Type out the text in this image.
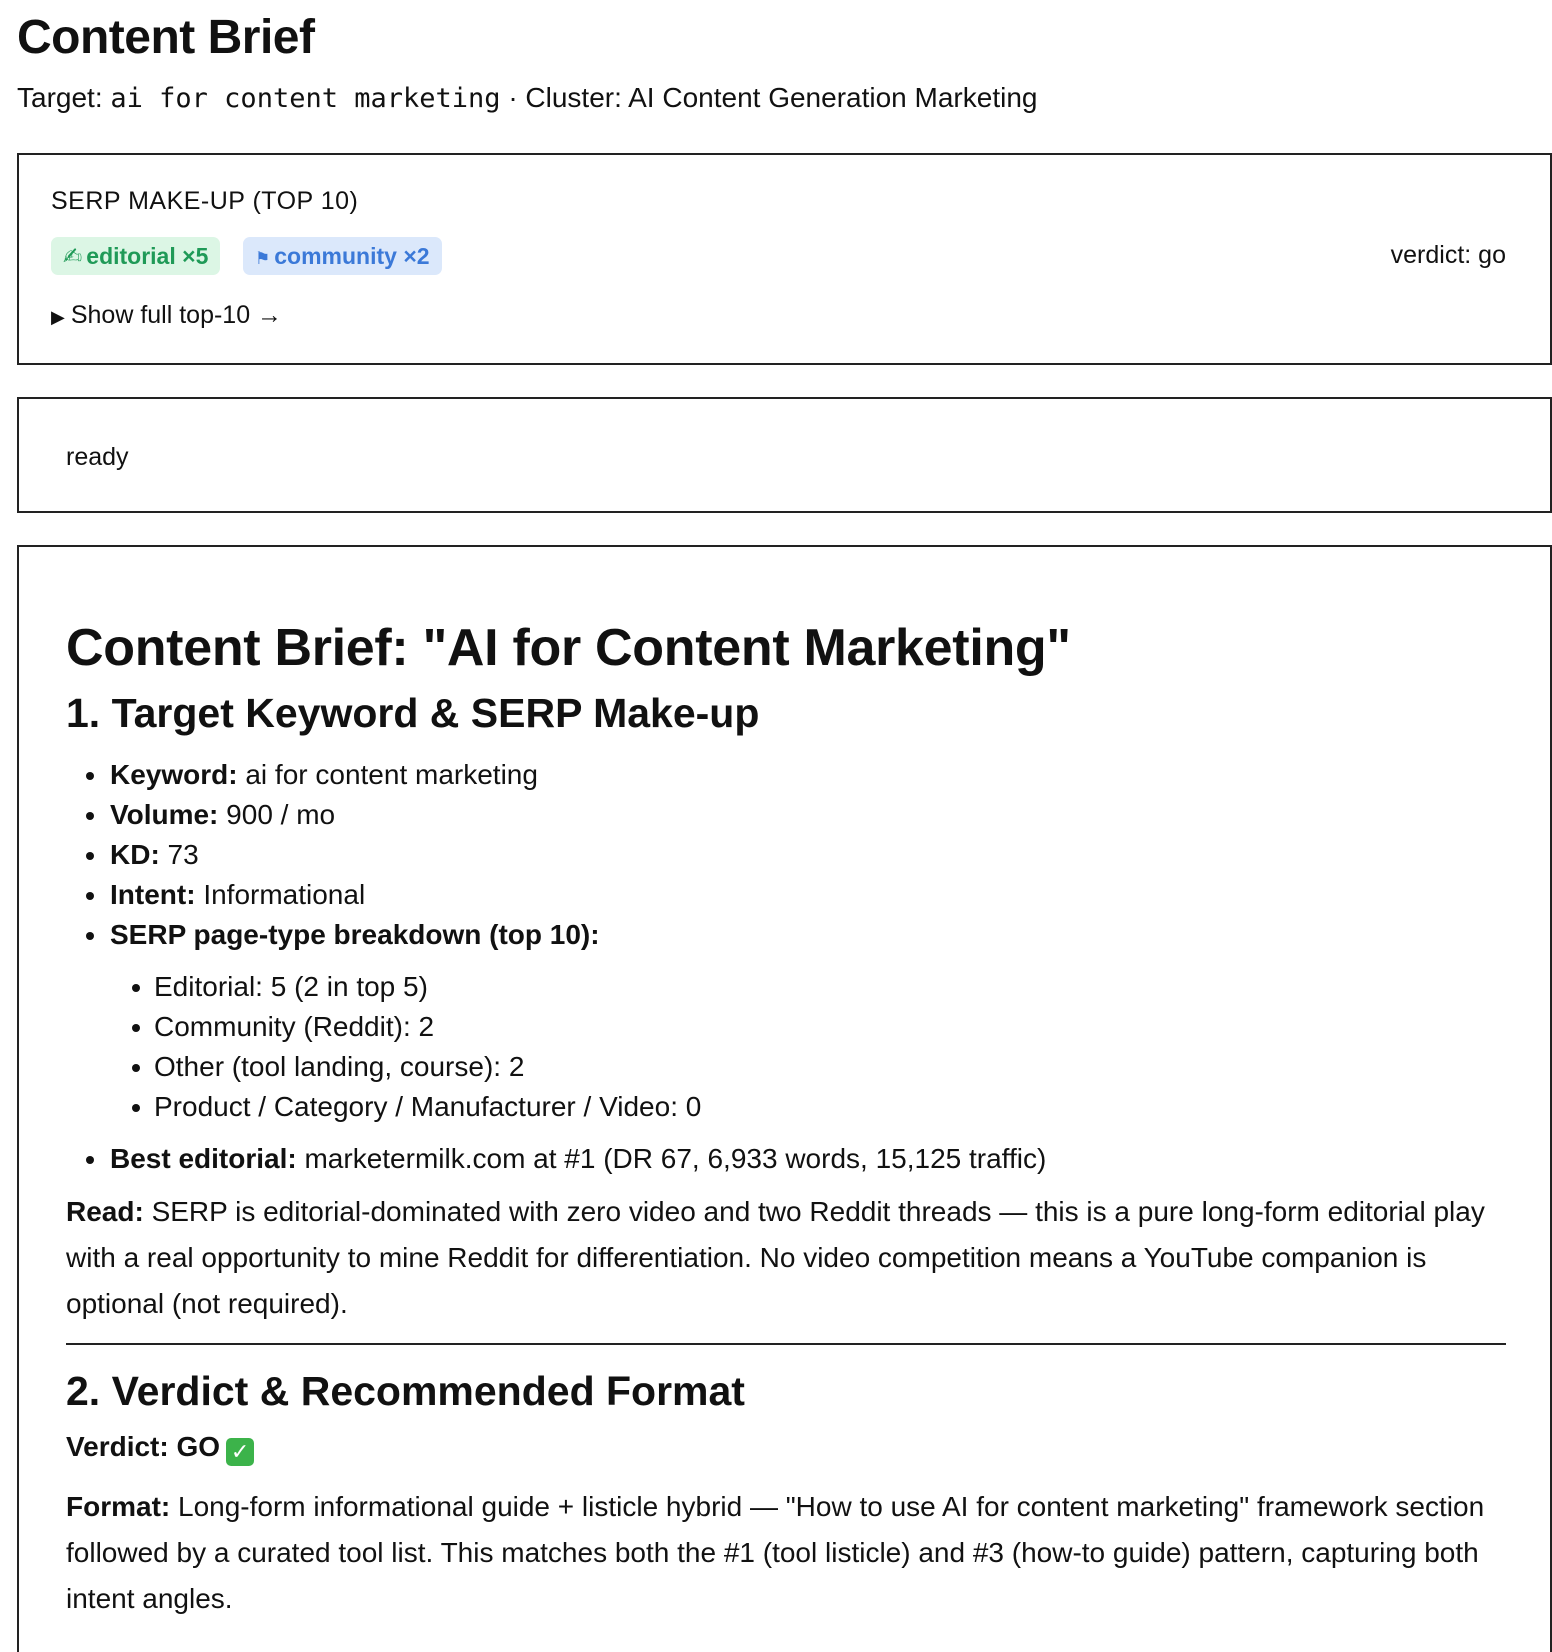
Content Brief
Target: ai for content marketing · Cluster: AI Content Generation Marketing
SERP MAKE-UP (TOP 10)
✍ editorial ×5	⚑ community ×2	verdict: go
▶ Show full top-10 →
ready
Content Brief: "AI for Content Marketing"
1. Target Keyword & SERP Make-up
Keyword: ai for content marketing
Volume: 900 / mo
KD: 73
Intent: Informational
SERP page-type breakdown (top 10):
Editorial: 5 (2 in top 5)
Community (Reddit): 2
Other (tool landing, course): 2
Product / Category / Manufacturer / Video: 0
Best editorial: marketermilk.com at #1 (DR 67, 6,933 words, 15,125 traffic)

Read: SERP is editorial-dominated with zero video and two Reddit threads — this is a pure long-form editorial play with a real opportunity to mine Reddit for differentiation. No video competition means a YouTube companion is optional (not required).

2. Verdict & Recommended Format

Verdict: GO ✓

Format: Long-form informational guide + listicle hybrid — "How to use AI for content marketing" framework section followed by a curated tool list. This matches both the #1 (tool listicle) and #3 (how-to guide) pattern, capturing both intent angles.
